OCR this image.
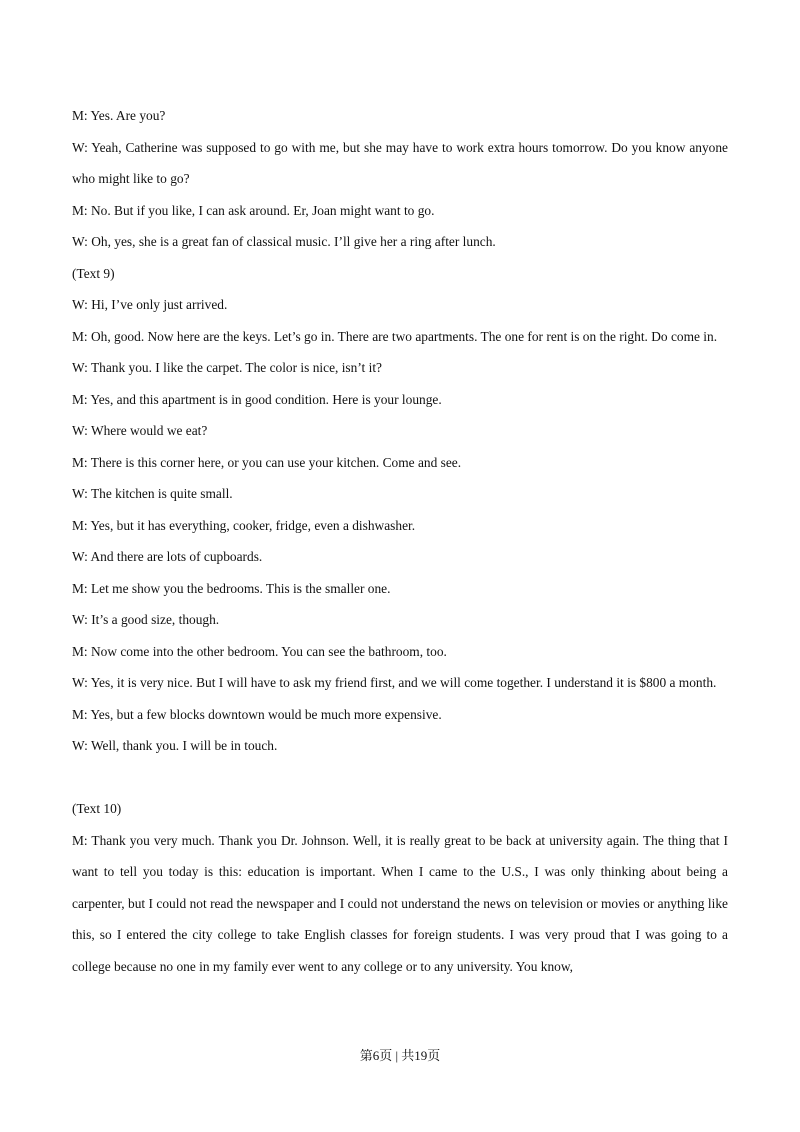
M: Yes. Are you?

W: Yeah, Catherine was supposed to go with me, but she may have to work extra hours tomorrow. Do you know anyone who might like to go?

M: No. But if you like, I can ask around. Er, Joan might want to go.

W: Oh, yes, she is a great fan of classical music. I’ll give her a ring after lunch.

(Text 9)

W: Hi, I’ve only just arrived.

M: Oh, good. Now here are the keys. Let’s go in. There are two apartments. The one for rent is on the right. Do come in.

W: Thank you. I like the carpet. The color is nice, isn’t it?

M: Yes, and this apartment is in good condition. Here is your lounge.

W: Where would we eat?

M: There is this corner here, or you can use your kitchen. Come and see.

W: The kitchen is quite small.

M: Yes, but it has everything, cooker, fridge, even a dishwasher.

W: And there are lots of cupboards.

M: Let me show you the bedrooms. This is the smaller one.

W: It’s a good size, though.

M: Now come into the other bedroom. You can see the bathroom, too.

W: Yes, it is very nice. But I will have to ask my friend first, and we will come together. I understand it is $800 a month.

M: Yes, but a few blocks downtown would be much more expensive.

W: Well, thank you. I will be in touch.

(Text 10)

M: Thank you very much. Thank you Dr. Johnson. Well, it is really great to be back at university again. The thing that I want to tell you today is this: education is important. When I came to the U.S., I was only thinking about being a carpenter, but I could not read the newspaper and I could not understand the news on television or movies or anything like this, so I entered the city college to take English classes for foreign students. I was very proud that I was going to a college because no one in my family ever went to any college or to any university. You know,

第6页 | 共19页
